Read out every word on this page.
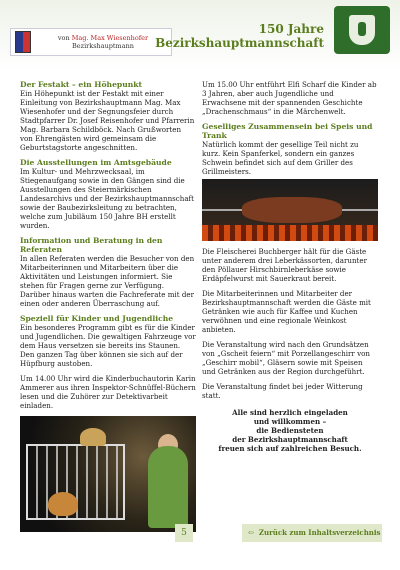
von Mag. Max Wiesenhofer
Bezirkshauptmann
150 Jahre
Bezirkshauptmannschaft

Der Festakt – ein Höhepunkt

Ein Höhepunkt ist der Festakt mit einer Einleitung von Bezirkshauptmann Mag. Max Wiesenhofer und der Segnungsfeier durch Stadtpfarrer Dr. Josef Reisenhofer und Pfarrerin Mag. Barbara Schildböck. Nach Grußworten von Ehrengästen wird gemeinsam die Geburtstagstorte angeschnitten.

Die Ausstellungen im Amtsgebäude

Im Kultur- und Mehrzwecksaal, im Stiegenaufgang sowie in den Gängen sind die Ausstellungen des Steiermärkischen Landesarchivs und der Bezirkshauptmannschaft sowie der Baubezirksleitung zu betrachten, welche zum Jubiläum 150 Jahre BH erstellt wurden.

Information und Beratung in den Referaten

In allen Referaten werden die Besucher von den Mitarbeiterinnen und Mitarbeitern über die Aktivitäten und Leistungen informiert. Sie stehen für Fragen gerne zur Verfügung. Darüber hinaus warten die Fachreferate mit der einen oder anderen Überraschung auf.

Speziell für Kinder und Jugendliche

Ein besonderes Programm gibt es für die Kinder und Jugendlichen. Die gewaltigen Fahrzeuge vor dem Haus versetzen sie bereits ins Staunen. Den ganzen Tag über können sie sich auf der Hüpfburg austoben.

Um 14.00 Uhr wird die Kinderbuchautorin Karin Ammerer aus ihren Inspektor-Schnüffel-Büchern lesen und die Zuhörer zur Detektivarbeit einladen.

Um 15.00 Uhr entführt Elfi Scharf die Kinder ab 3 Jahren, aber auch Jugendliche und Erwachsene mit der spannenden Geschichte „Drachenschmaus“ in die Märchenwelt.

Geselliges Zusammensein bei Speis und Trank

Natürlich kommt der gesellige Teil nicht zu kurz. Kein Spanferkel, sondern ein ganzes Schwein befindet sich auf dem Griller des Grillmeisters.

Die Fleischerei Buchberger hält für die Gäste unter anderem drei Leberkässorten, darunter den Pöllauer Hirschbirnleberkäse sowie Erdäpfelwurst mit Sauerkraut bereit.

Die Mitarbeiterinnen und Mitarbeiter der Bezirkshauptmannschaft werden die Gäste mit Getränken wie auch für Kaffee und Kuchen verwöhnen und eine regionale Weinkost anbieten.

Die Veranstaltung wird nach den Grundsätzen von „Gscheit feiern“ mit Porzellangeschirr von „Geschirr mobil“, Gläsern sowie mit Speisen und Getränken aus der Region durchgeführt.

Die Veranstaltung findet bei jeder Witterung statt.

Alle sind herzlich eingeladen
und willkommen –
die Bediensteten
der Bezirkshauptmannschaft
freuen sich auf zahlreichen Besuch.
5	⇦ Zurück zum Inhaltsverzeichnis
